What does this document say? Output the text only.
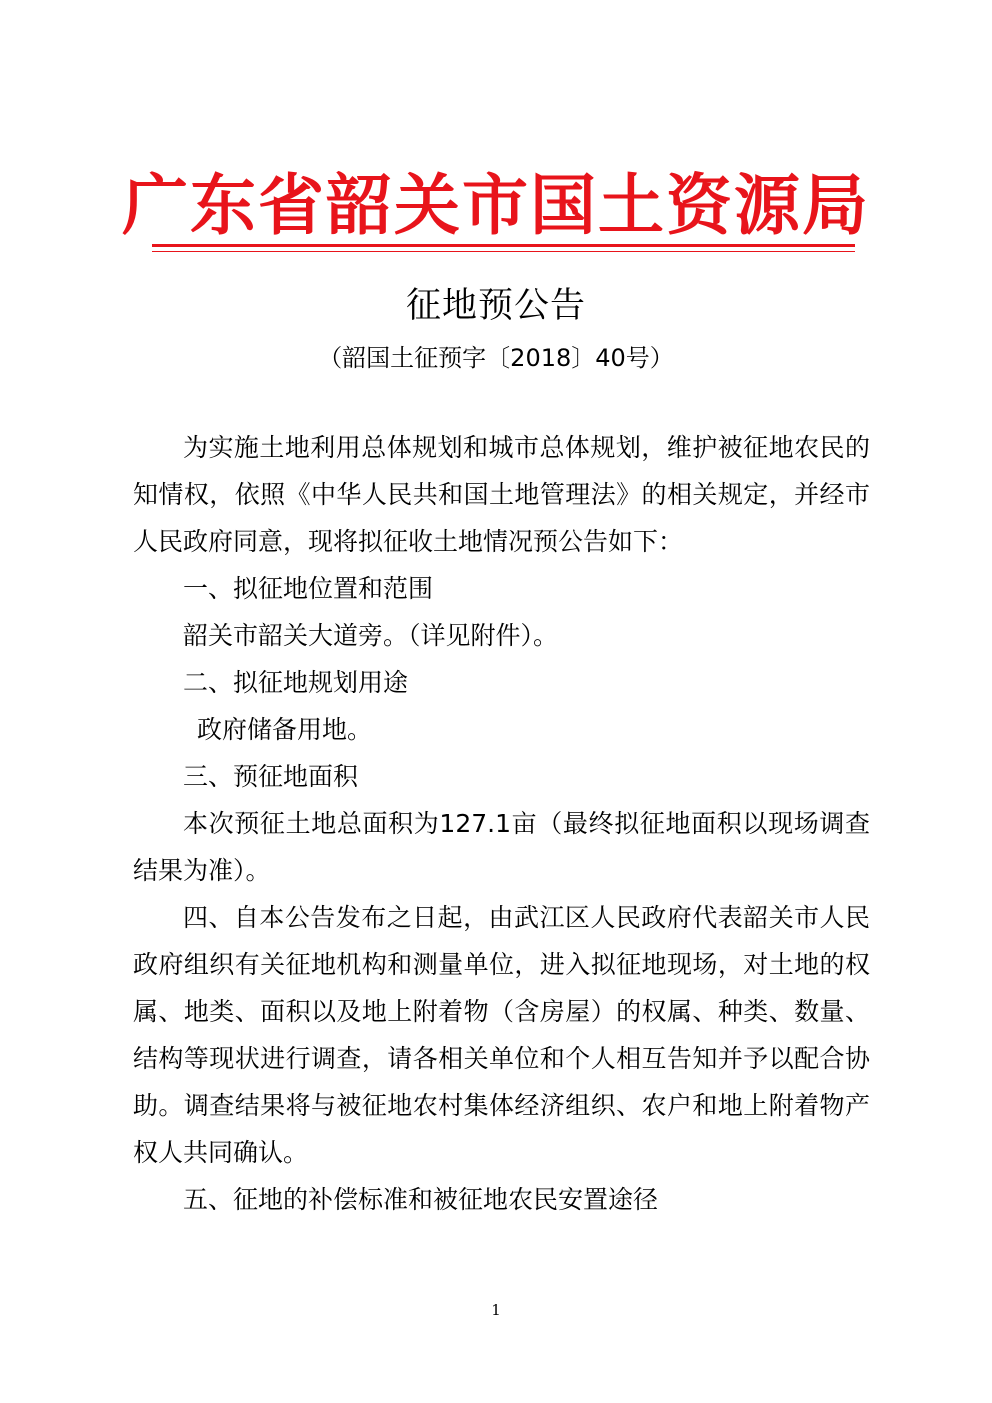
广东省韶关市国土资源局
征地预公告
（韶国土征预字〔2018〕40号）

为实施土地利用总体规划和城市总体规划，维护被征地农民的知情权，依照《中华人民共和国土地管理法》的相关规定，并经市人民政府同意，现将拟征收土地情况预公告如下：

一、拟征地位置和范围

韶关市韶关大道旁。（详见附件）。

二、拟征地规划用途

政府储备用地。

三、预征地面积

本次预征土地总面积为127.1亩（最终拟征地面积以现场调查结果为准）。

四、自本公告发布之日起，由武江区人民政府代表韶关市人民政府组织有关征地机构和测量单位，进入拟征地现场，对土地的权属、地类、面积以及地上附着物（含房屋）的权属、种类、数量、结构等现状进行调查，请各相关单位和个人相互告知并予以配合协助。调查结果将与被征地农村集体经济组织、农户和地上附着物产权人共同确认。

五、征地的补偿标准和被征地农民安置途径

1
